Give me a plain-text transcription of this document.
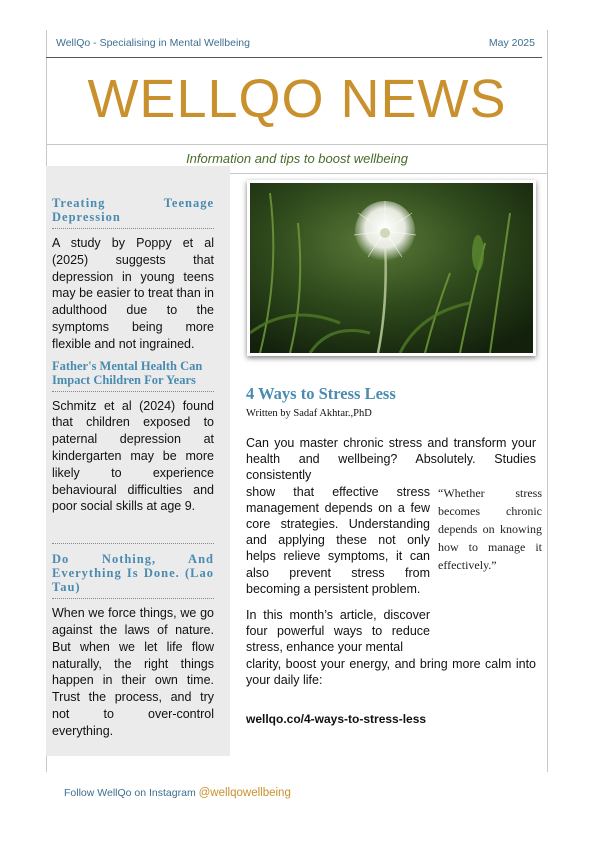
WellQo - Specialising in Mental Wellbeing	May 2025
WELLQO NEWS
Information and tips to boost wellbeing
Treating Teenage Depression
A study by Poppy et al (2025) suggests that depression in young teens may be easier to treat than in adulthood due to the symptoms being more flexible and not ingrained.
Father's Mental Health Can Impact Children For Years
Schmitz et al (2024) found that children exposed to paternal depression at kindergarten may be more likely to experience behavioural difficulties and poor social skills at age 9.
Do Nothing, And Everything Is Done. (Lao Tau)
When we force things, we go against the laws of nature. But when we let life flow naturally, the right things happen in their own time. Trust the process, and try not to over-control everything.
4 Ways to Stress Less
Written by Sadaf Akhtar.,PhD
Can you master chronic stress and transform your health and wellbeing? Absolutely. Studies consistently
show that effective stress management depends on a few core strategies. Understanding and applying these not only helps relieve symptoms, it can also prevent stress from becoming a persistent problem.
In this month’s article, discover four powerful ways to reduce stress, enhance your mental
clarity, boost your energy, and bring more calm into your daily life:
“Whether stress becomes chronic depends on knowing how to manage it effectively.”
wellqo.co/4-ways-to-stress-less
Follow WellQo on Instagram @wellqowellbeing
